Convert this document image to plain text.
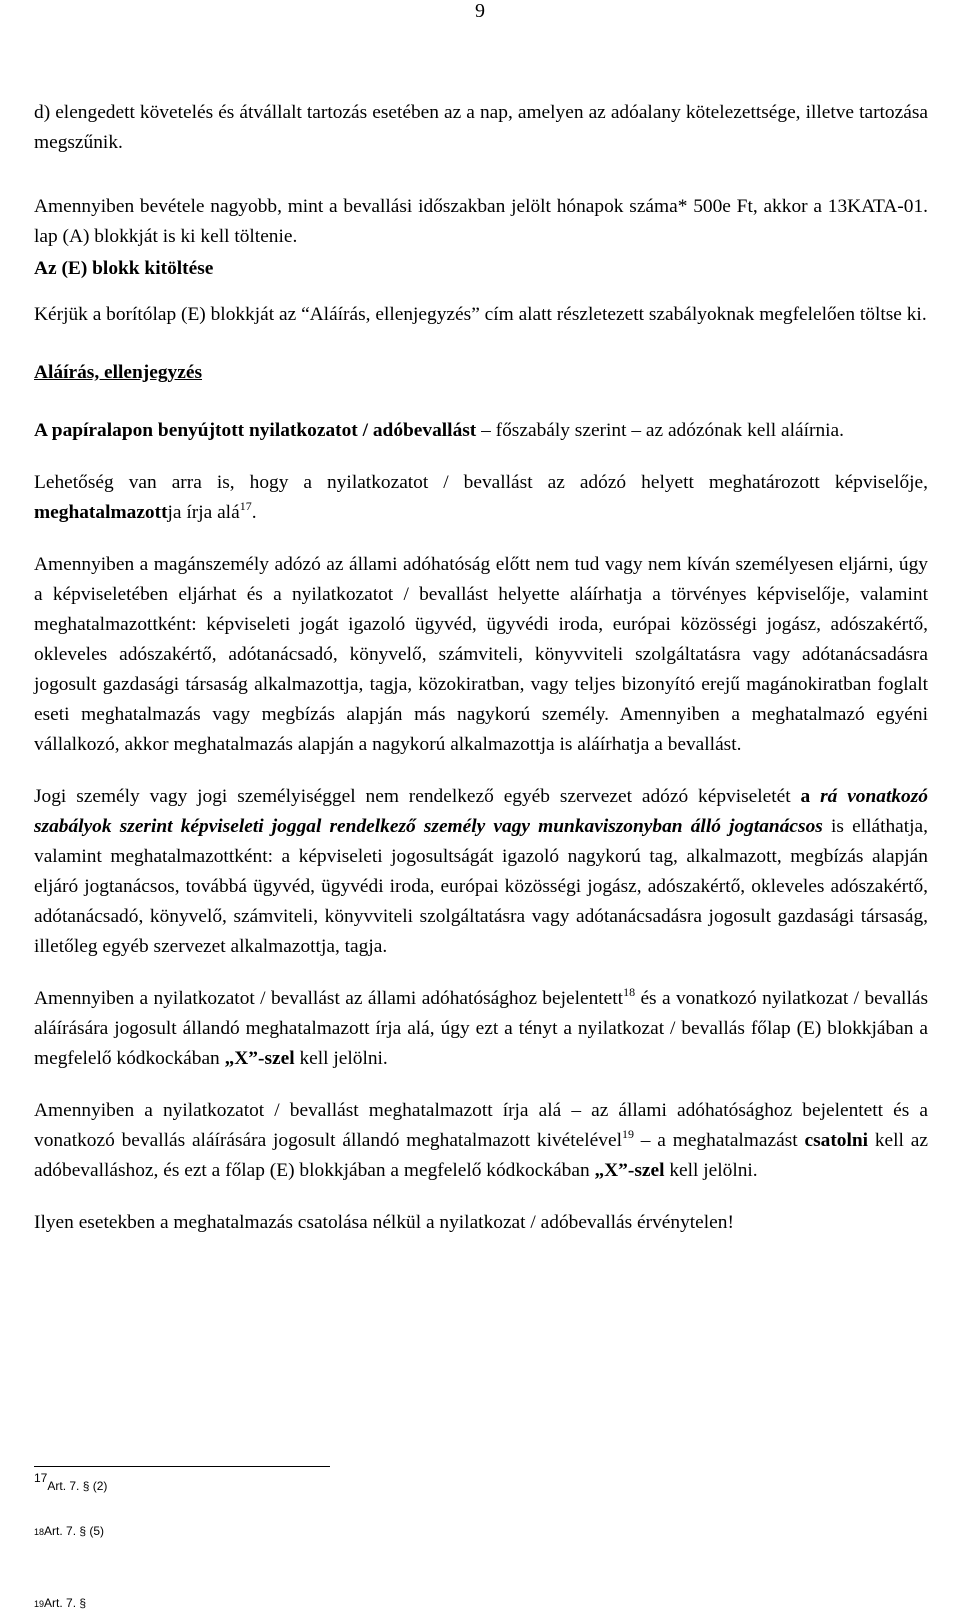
9

d) elengedett követelés és átvállalt tartozás esetében az a nap, amelyen az adóalany kötelezettsége, illetve tartozása megszűnik.

Amennyiben bevétele nagyobb, mint a bevallási időszakban jelölt hónapok száma* 500e Ft, akkor a 13KATA-01. lap (A) blokkját is ki kell töltenie.

Az (E) blokk kitöltése

Kérjük a borítólap (E) blokkját az “Aláírás, ellenjegyzés” cím alatt részletezett szabályoknak megfelelően töltse ki.

Aláírás, ellenjegyzés

A papíralapon benyújtott nyilatkozatot / adóbevallást – főszabály szerint – az adózónak kell aláírnia.

Lehetőség van arra is, hogy a nyilatkozatot / bevallást az adózó helyett meghatározott képviselője, meghatalmazottja írja alá$^{17}$.

Amennyiben a magánszemély adózó az állami adóhatóság előtt nem tud vagy nem kíván személyesen eljárni, úgy a képviseletében eljárhat és a nyilatkozatot / bevallást helyette aláírhatja a törvényes képviselője, valamint meghatalmazottként: képviseleti jogát igazoló ügyvéd, ügyvédi iroda, európai közösségi jogász, adószakértő, okleveles adószakértő, adótanácsadó, könyvelő, számviteli, könyvviteli szolgáltatásra vagy adótanácsadásra jogosult gazdasági társaság alkalmazottja, tagja, közokiratban, vagy teljes bizonyító erejű magánokiratban foglalt eseti meghatalmazás vagy megbízás alapján más nagykorú személy. Amennyiben a meghatalmazó egyéni vállalkozó, akkor meghatalmazás alapján a nagykorú alkalmazottja is aláírhatja a bevallást.

Jogi személy vagy jogi személyiséggel nem rendelkező egyéb szervezet adózó képviseletét a rá vonatkozó szabályok szerint képviseleti joggal rendelkező személy vagy munkaviszonyban álló jogtanácsos is elláthatja, valamint meghatalmazottként: a képviseleti jogosultságát igazoló nagykorú tag, alkalmazott, megbízás alapján eljáró jogtanácsos, továbbá ügyvéd, ügyvédi iroda, európai közösségi jogász, adószakértő, okleveles adószakértő, adótanácsadó, könyvelő, számviteli, könyvviteli szolgáltatásra vagy adótanácsadásra jogosult gazdasági társaság, illetőleg egyéb szervezet alkalmazottja, tagja.

Amennyiben a nyilatkozatot / bevallást az állami adóhatósághoz bejelentett$^{18}$ és a vonatkozó nyilatkozat / bevallás aláírására jogosult állandó meghatalmazott írja alá, úgy ezt a tényt a nyilatkozat / bevallás főlap (E) blokkjában a megfelelő kódkockában „X”-szel kell jelölni.

Amennyiben a nyilatkozatot / bevallást meghatalmazott írja alá – az állami adóhatósághoz bejelentett és a vonatkozó bevallás aláírására jogosult állandó meghatalmazott kivételével$^{19}$ – a meghatalmazást csatolni kell az adóbevalláshoz, és ezt a főlap (E) blokkjában a megfelelő kódkockában „X”-szel kell jelölni.

Ilyen esetekben a meghatalmazás csatolása nélkül a nyilatkozat / adóbevallás érvénytelen!

$^{17}$Art. 7. § (2)
18Art. 7. § (5)
19Art. 7. §
